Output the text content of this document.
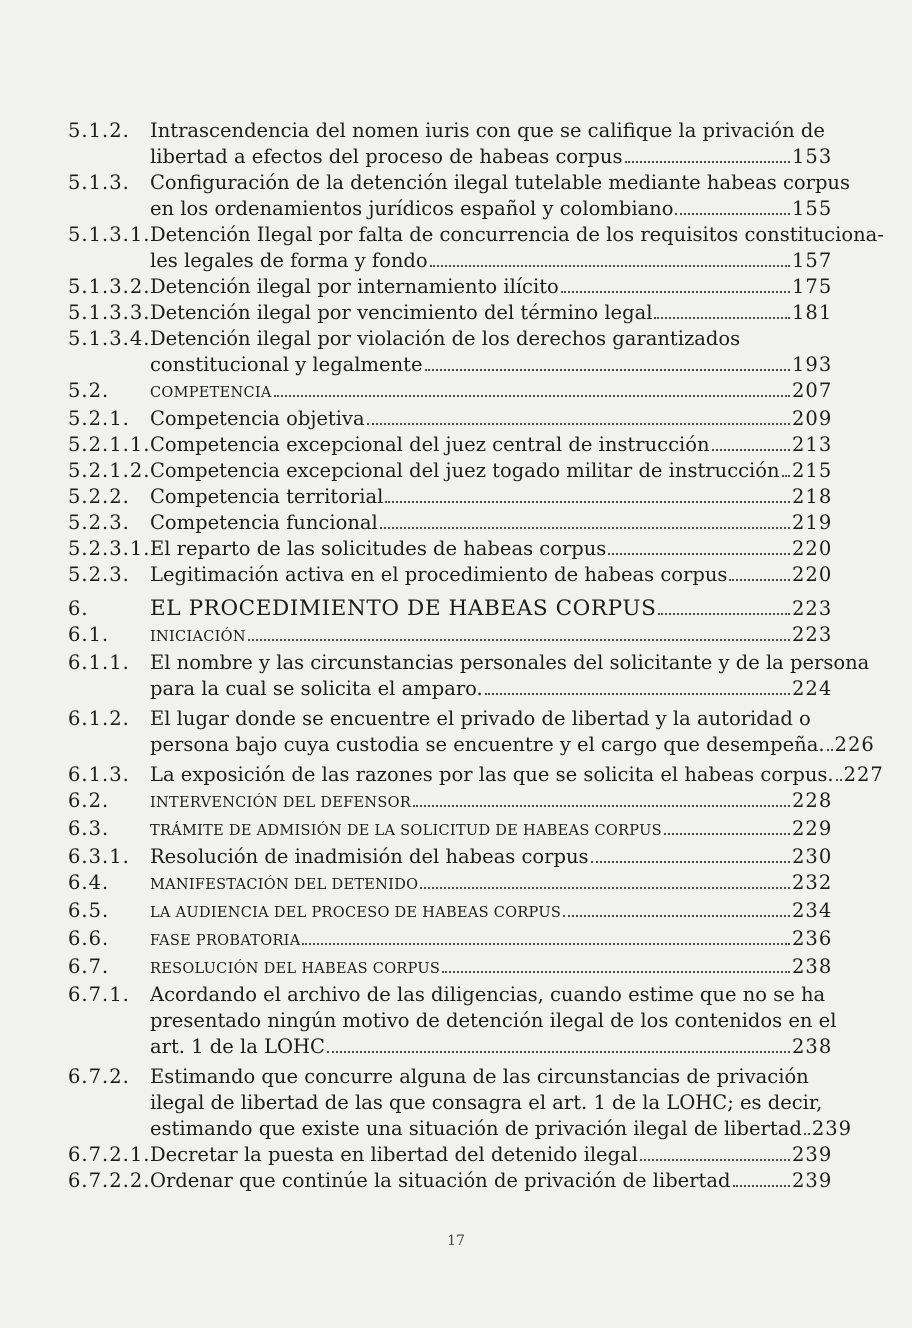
5.1.2.	Intrascendencia del nomen iuris con que se califique la privación de
libertad a efectos del proceso de habeas corpus	153
5.1.3.	Configuración de la detención ilegal tutelable mediante habeas corpus
en los ordenamientos jurídicos español y colombiano	155
5.1.3.1. Detención Ilegal por falta de concurrencia de los requisitos constituciona-
les legales de forma y fondo	157
5.1.3.2. Detención ilegal por internamiento ilícito	175
5.1.3.3. Detención ilegal por vencimiento del término legal	181
5.1.3.4. Detención ilegal por violación de los derechos garantizados
constitucional y legalmente	193
5.2.	COMPETENCIA	207
5.2.1.	Competencia objetiva	209
5.2.1.1. Competencia excepcional del juez central de instrucción	213
5.2.1.2. Competencia excepcional del juez togado militar de instrucción 215
5.2.2.	Competencia territorial	218
5.2.3.	Competencia funcional	219
5.2.3.1. El reparto de las solicitudes de habeas corpus	220
5.2.3.	Legitimación activa en el procedimiento de habeas corpus	220
6.	EL PROCEDIMIENTO DE HABEAS CORPUS	223
6.1.	INICIACIÓN	223
6.1.1.	El nombre y las circunstancias personales del solicitante y de la persona
para la cual se solicita el amparo.	224
6.1.2.	El lugar donde se encuentre el privado de libertad y la autoridad o
persona bajo cuya custodia se encuentre y el cargo que desempeña. 226
6.1.3.	La exposición de las razones por las que se solicita el habeas corpus. 227
6.2.	INTERVENCIÓN DEL DEFENSOR	228
6.3.	TRÁMITE DE ADMISIÓN DE LA SOLICITUD DE HABEAS CORPUS	229
6.3.1.	Resolución de inadmisión del habeas corpus	230
6.4.	MANIFESTACIÓN DEL DETENIDO	232
6.5.	LA AUDIENCIA DEL PROCESO DE HABEAS CORPUS	234
6.6.	FASE PROBATORIA	236
6.7.	RESOLUCIÓN DEL HABEAS CORPUS	238
6.7.1.	Acordando el archivo de las diligencias, cuando estime que no se ha
presentado ningún motivo de detención ilegal de los contenidos en el
art. 1 de la LOHC	238
6.7.2.	Estimando que concurre alguna de las circunstancias de privación
ilegal de libertad de las que consagra el art. 1 de la LOHC; es decir,
estimando que existe una situación de privación ilegal de libertad 239
6.7.2.1. Decretar la puesta en libertad del detenido ilegal	239
6.7.2.2. Ordenar que continúe la situación de privación de libertad	239
17
